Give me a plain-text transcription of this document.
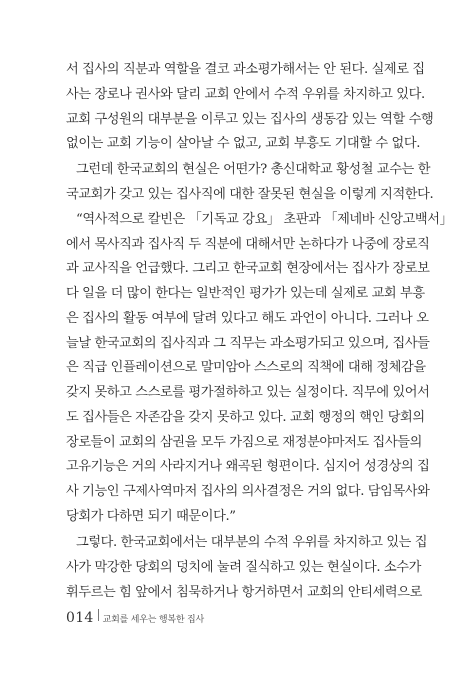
서 집사의 직분과 역할을 결코 과소평가해서는 안 된다. 실제로 집
사는 장로나 권사와 달리 교회 안에서 수적 우위를 차지하고 있다.
교회 구성원의 대부분을 이루고 있는 집사의 생동감 있는 역할 수행
없이는 교회 기능이 살아날 수 없고, 교회 부흥도 기대할 수 없다.
그런데 한국교회의 현실은 어떤가? 총신대학교 황성철 교수는 한
국교회가 갖고 있는 집사직에 대한 잘못된 현실을 이렇게 지적한다.
“역사적으로 칼빈은 「기독교 강요」 초판과 「제네바 신앙고백서」
에서 목사직과 집사직 두 직분에 대해서만 논하다가 나중에 장로직
과 교사직을 언급했다. 그리고 한국교회 현장에서는 집사가 장로보
다 일을 더 많이 한다는 일반적인 평가가 있는데 실제로 교회 부흥
은 집사의 활동 여부에 달려 있다고 해도 과언이 아니다. 그러나 오
늘날 한국교회의 집사직과 그 직무는 과소평가되고 있으며, 집사들
은 직급 인플레이션으로 말미암아 스스로의 직책에 대해 정체감을
갖지 못하고 스스로를 평가절하하고 있는 실정이다. 직무에 있어서
도 집사들은 자존감을 갖지 못하고 있다. 교회 행정의 핵인 당회의
장로들이 교회의 삼권을 모두 가짐으로 재정분야마저도 집사들의
고유기능은 거의 사라지거나 왜곡된 형편이다. 심지어 성경상의 집
사 기능인 구제사역마저 집사의 의사결정은 거의 없다. 담임목사와
당회가 다하면 되기 때문이다.”
그렇다. 한국교회에서는 대부분의 수적 우위를 차지하고 있는 집
사가 막강한 당회의 덩치에 눌려 질식하고 있는 현실이다. 소수가
휘두르는 힘 앞에서 침묵하거나 항거하면서 교회의 안티세력으로
014 교회를 세우는 행복한 집사
